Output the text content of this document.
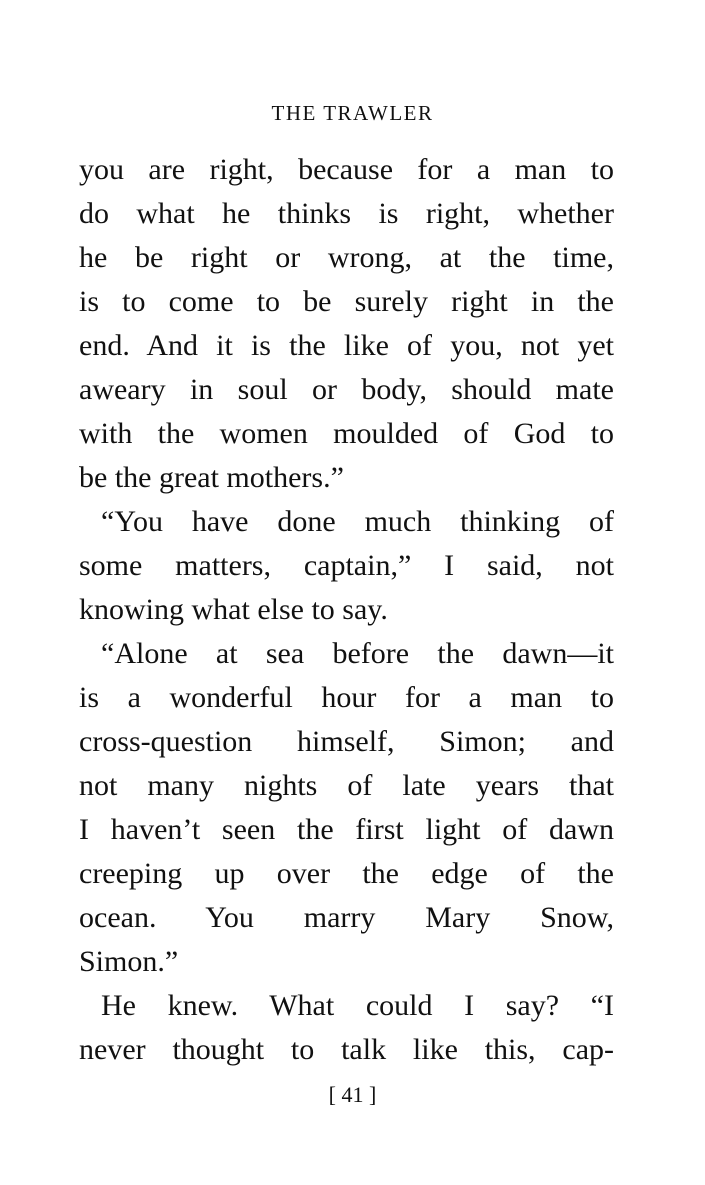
THE TRAWLER
you are right, because for a man to
do what he thinks is right, whether
he be right or wrong, at the time,
is to come to be surely right in the
end. And it is the like of you, not yet
aweary in soul or body, should mate
with the women moulded of God to
be the great mothers.”
“You have done much thinking of
some matters, captain,” I said, not
knowing what else to say.
“Alone at sea before the dawn—it
is a wonderful hour for a man to
cross-question himself, Simon; and
not many nights of late years that
I haven’t seen the first light of dawn
creeping up over the edge of the
ocean. You marry Mary Snow,
Simon.”
He knew. What could I say? “I
never thought to talk like this, cap-
[ 41 ]
